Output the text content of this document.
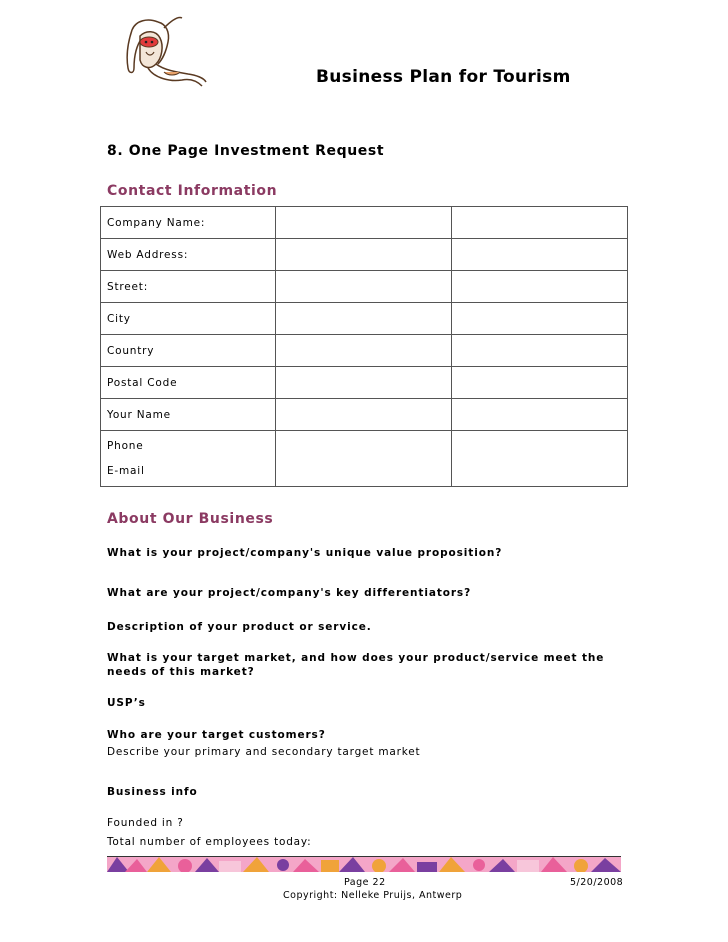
Business Plan for Tourism
8. One Page Investment Request
Contact Information
Company Name:		
Web Address:		
Street:		
City		
Country		
Postal Code		
Your Name		
Phone
E-mail		

About Our Business
What is your project/company's unique value proposition?
What are your project/company's key differentiators?
Description of your product or service.
What is your target market, and how does your product/service meet the needs of this market?
USP’s
Who are your target customers?
Describe your primary and secondary target market
Business info
Founded in ?
Total number of employees today:
Page 22	5/20/2008
Copyright: Nelleke Pruijs, Antwerp
